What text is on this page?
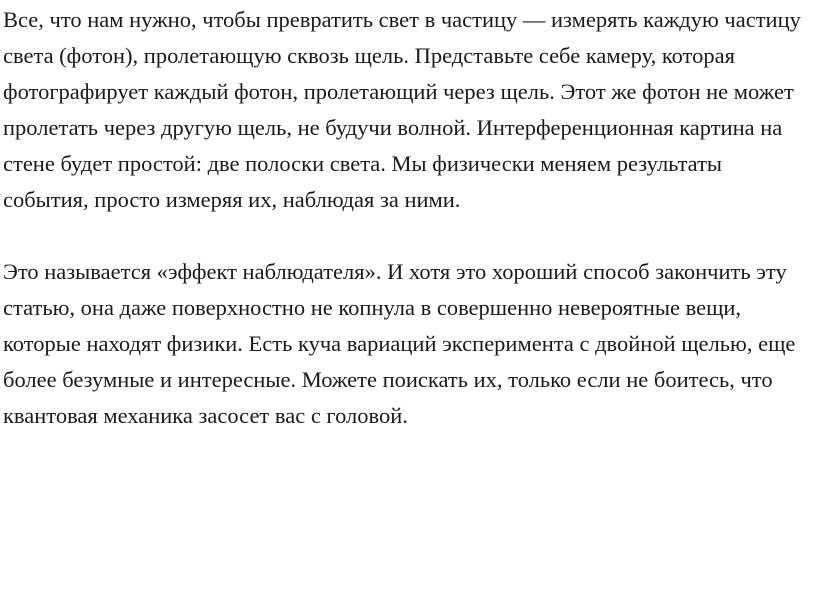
Все, что нам нужно, чтобы превратить свет в частицу — измерять каждую частицу света (фотон), пролетающую сквозь щель. Представьте себе камеру, которая фотографирует каждый фотон, пролетающий через щель. Этот же фотон не может пролетать через другую щель, не будучи волной. Интерференционная картина на стене будет простой: две полоски света. Мы физически меняем результаты события, просто измеряя их, наблюдая за ними.

Это называется «эффект наблюдателя». И хотя это хороший способ закончить эту статью, она даже поверхностно не копнула в совершенно невероятные вещи, которые находят физики. Есть куча вариаций эксперимента с двойной щелью, еще более безумные и интересные. Можете поискать их, только если не боитесь, что квантовая механика засосет вас с головой.
